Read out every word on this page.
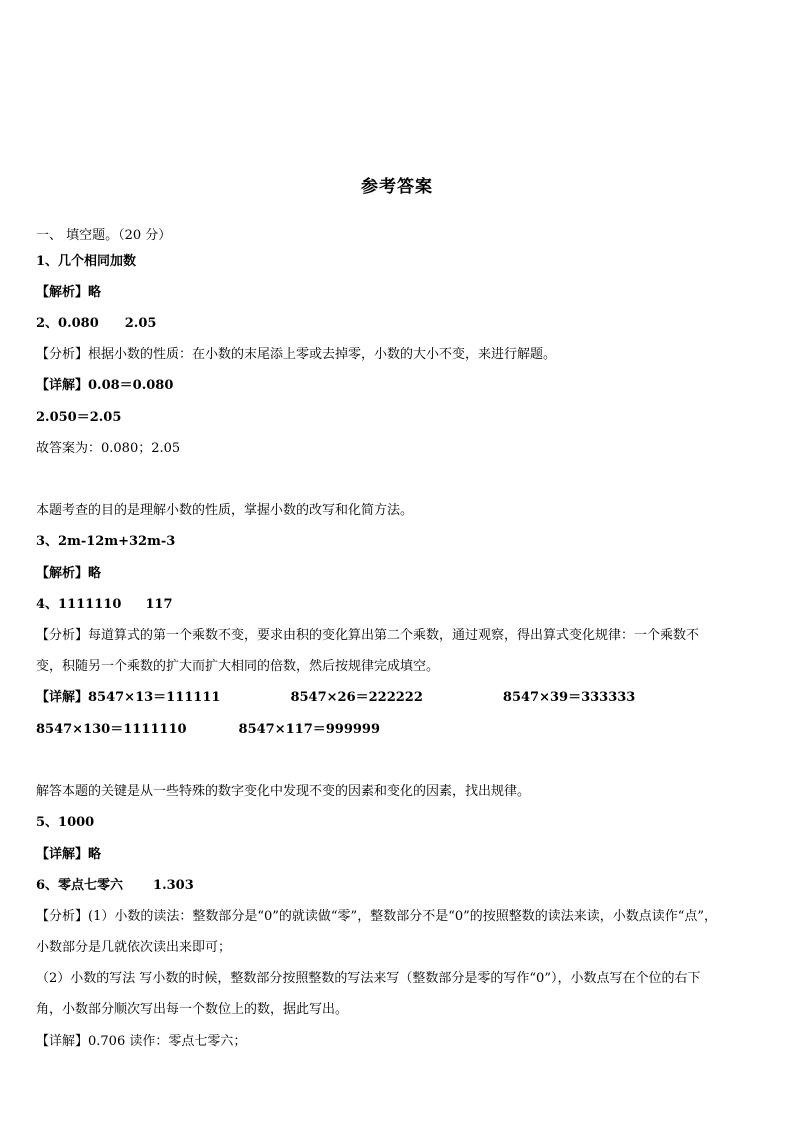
参考答案
一、 填空题。（20 分）
1、几个相同加数
【解析】略
2、0.080 2.05
【分析】根据小数的性质：在小数的末尾添上零或去掉零，小数的大小不变，来进行解题。
【详解】0.08＝0.080
2.050＝2.05
故答案为：0.080；2.05
本题考查的目的是理解小数的性质，掌握小数的改写和化简方法。
3、2m-12m+32m-3
【解析】略
4、1111110 117
【分析】每道算式的第一个乘数不变，要求由积的变化算出第二个乘数，通过观察，得出算式变化规律：一个乘数不
变，积随另一个乘数的扩大而扩大相同的倍数，然后按规律完成填空。
【详解】8547×13＝111111	8547×26＝222222	8547×39＝333333
8547×130＝1111110	8547×117＝999999
解答本题的关键是从一些特殊的数字变化中发现不变的因素和变化的因素，找出规律。
5、1000
【详解】略
6、零点七零六 1.303
【分析】(1）小数的读法：整数部分是“0”的就读做“零”，整数部分不是“0”的按照整数的读法来读，小数点读作“点”，
小数部分是几就依次读出来即可；
（2）小数的写法 写小数的时候，整数部分按照整数的写法来写（整数部分是零的写作“0”），小数点写在个位的右下
角，小数部分顺次写出每一个数位上的数，据此写出。
【详解】0.706 读作：零点七零六；
